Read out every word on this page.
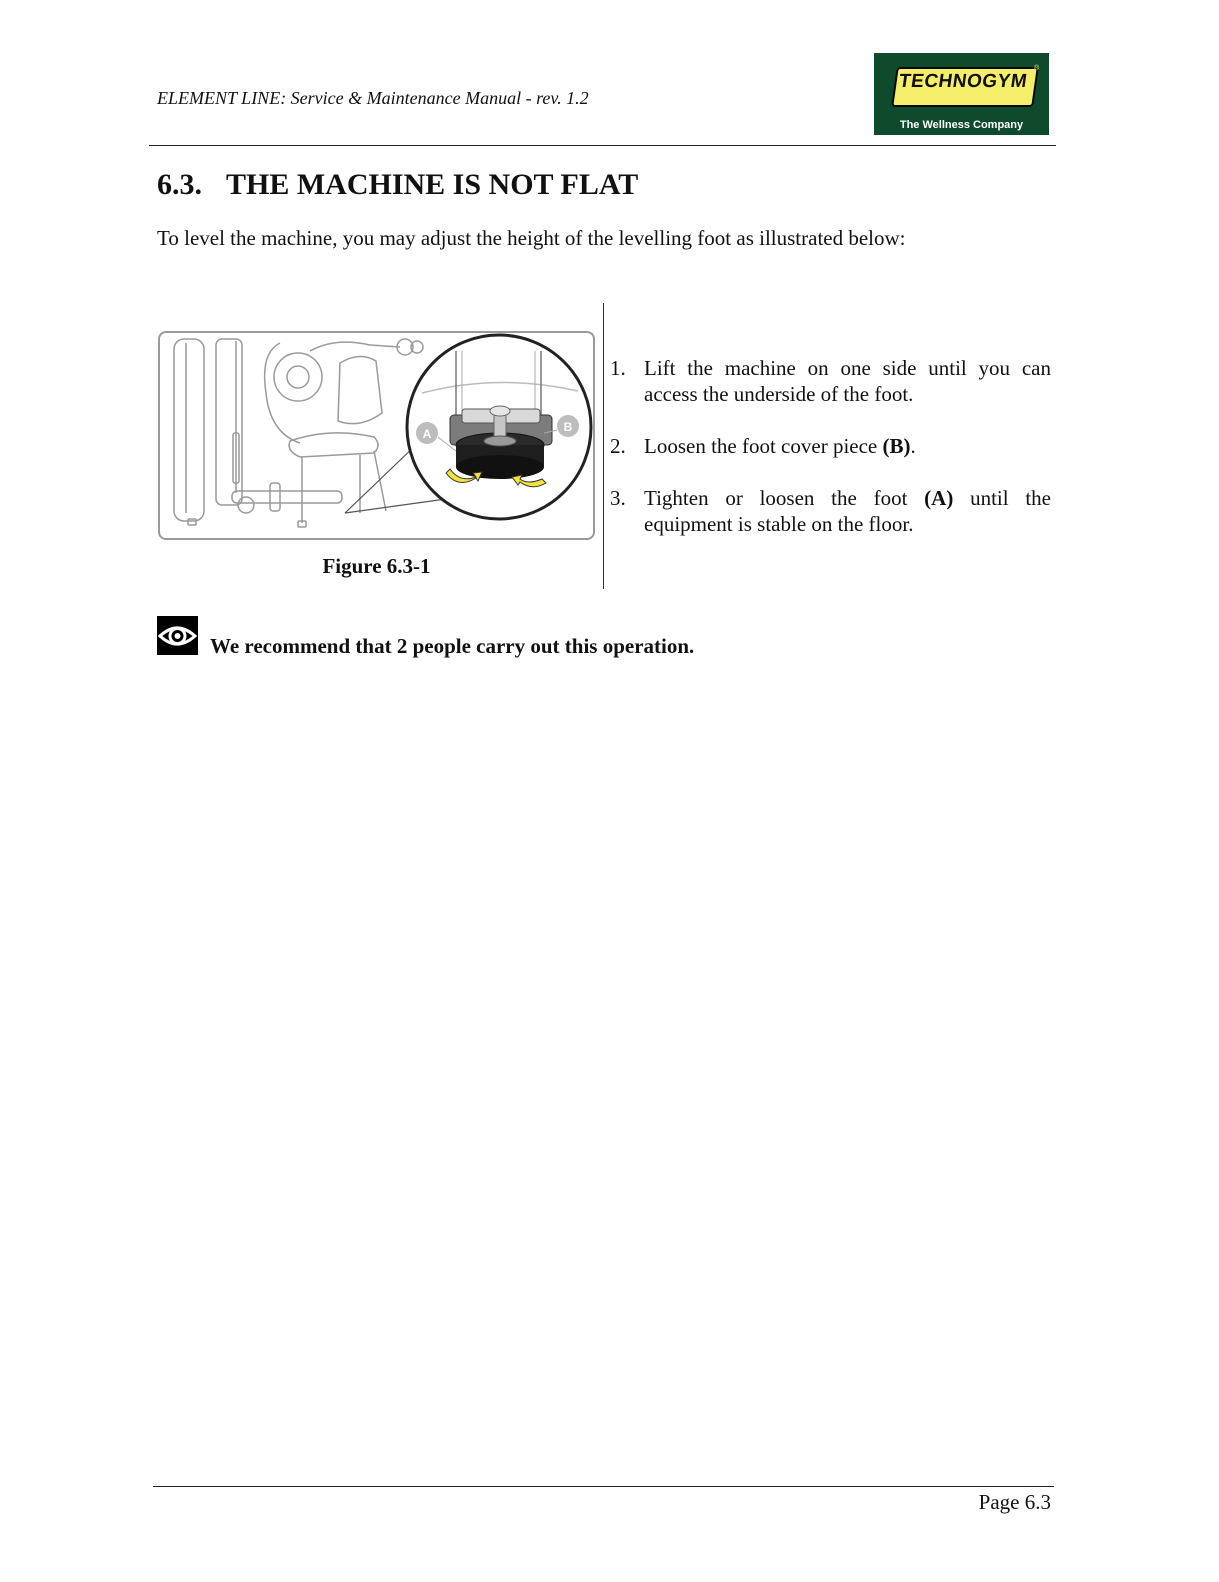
ELEMENT LINE: Service & Maintenance Manual - rev. 1.2
TECHNOGYM
®
The Wellness Company
6.3. THE MACHINE IS NOT FLAT

To level the machine, you may adjust the height of the levelling foot as illustrated below:

A	B
Figure 6.3-1
1. Lift the machine on one side until you can access the underside of the foot.
2. Loosen the foot cover piece (B).
3. Tighten or loosen the foot (A) until the equipment is stable on the floor.
We recommend that 2 people carry out this operation.
Page 6.3
